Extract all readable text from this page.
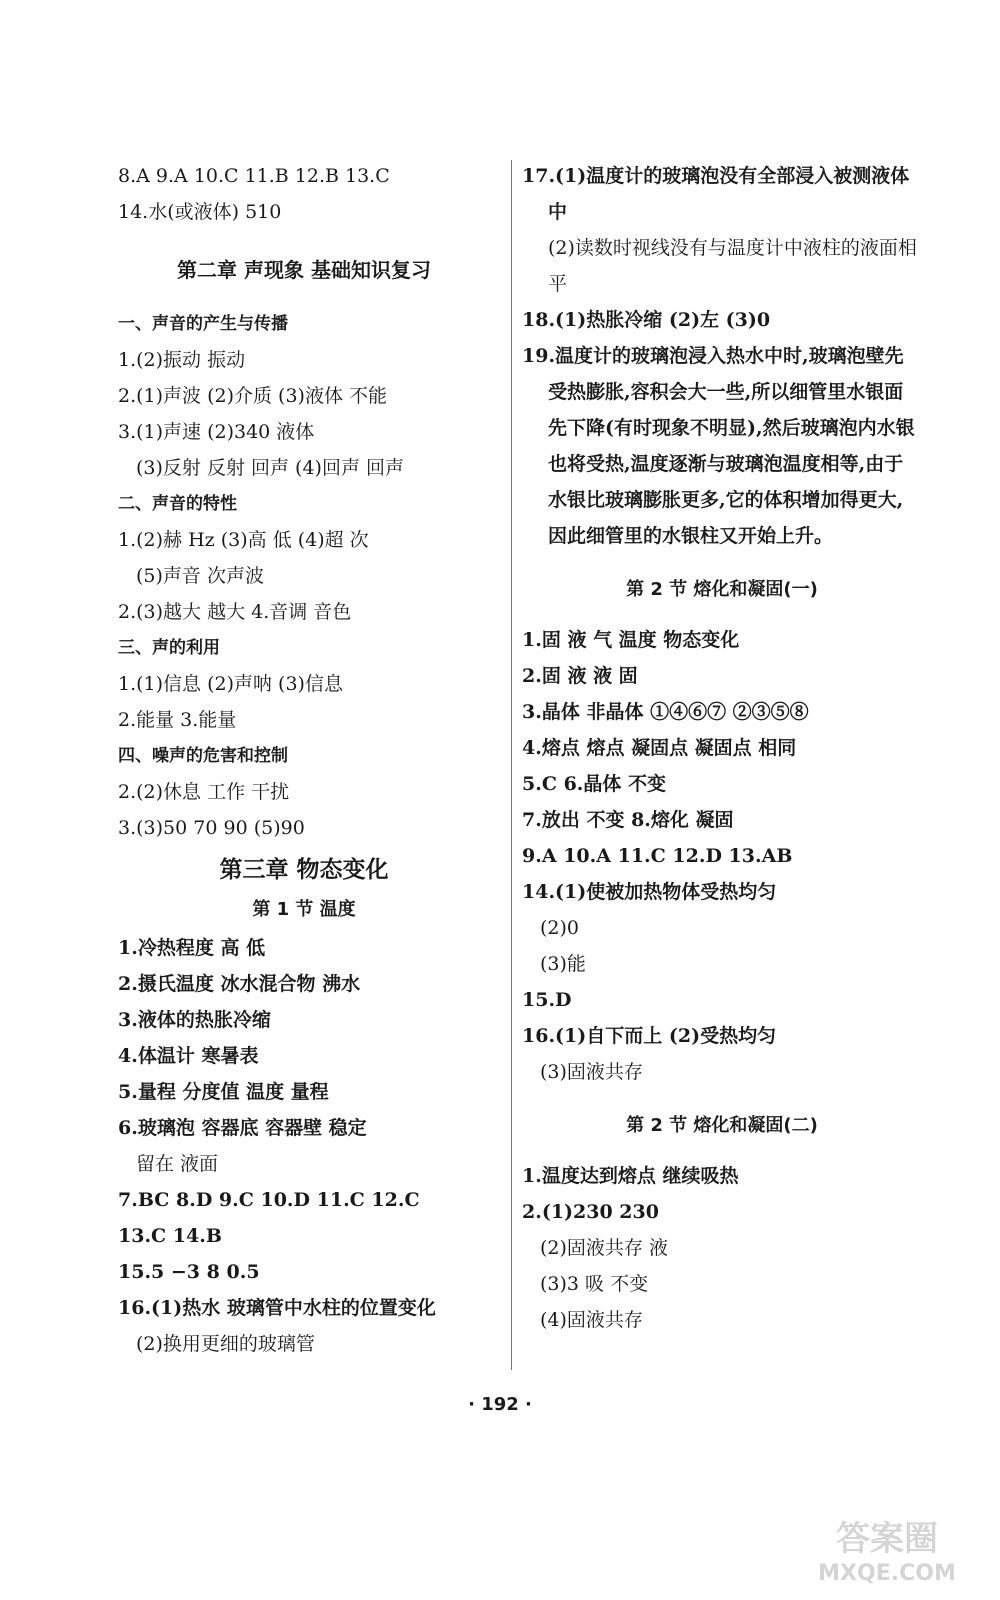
8.A 9.A 10.C 11.B 12.B 13.C
14.水(或液体) 510
第二章 声现象 基础知识复习
一、声音的产生与传播
1.(2)振动 振动
2.(1)声波 (2)介质 (3)液体 不能
3.(1)声速 (2)340 液体
(3)反射 反射 回声 (4)回声 回声
二、声音的特性
1.(2)赫 Hz (3)高 低 (4)超 次
(5)声音 次声波
2.(3)越大 越大 4.音调 音色
三、声的利用
1.(1)信息 (2)声呐 (3)信息
2.能量 3.能量
四、噪声的危害和控制
2.(2)休息 工作 干扰
3.(3)50 70 90 (5)90
第三章 物态变化
第 1 节 温度
1.冷热程度 高 低
2.摄氏温度 冰水混合物 沸水
3.液体的热胀冷缩
4.体温计 寒暑表
5.量程 分度值 温度 量程
6.玻璃泡 容器底 容器壁 稳定
留在 液面
7.BC 8.D 9.C 10.D 11.C 12.C
13.C 14.B
15.5 −3 8 0.5
16.(1)热水 玻璃管中水柱的位置变化
(2)换用更细的玻璃管
17.(1)温度计的玻璃泡没有全部浸入被测液体中
(2)读数时视线没有与温度计中液柱的液面相平
18.(1)热胀冷缩 (2)左 (3)0
19.温度计的玻璃泡浸入热水中时,玻璃泡壁先受热膨胀,容积会大一些,所以细管里水银面先下降(有时现象不明显),然后玻璃泡内水银也将受热,温度逐渐与玻璃泡温度相等,由于水银比玻璃膨胀更多,它的体积增加得更大,因此细管里的水银柱又开始上升。
第 2 节 熔化和凝固(一)
1.固 液 气 温度 物态变化
2.固 液 液 固
3.晶体 非晶体 ①④⑥⑦ ②③⑤⑧
4.熔点 熔点 凝固点 凝固点 相同
5.C 6.晶体 不变
7.放出 不变 8.熔化 凝固
9.A 10.A 11.C 12.D 13.AB
14.(1)使被加热物体受热均匀
(2)0
(3)能
15.D
16.(1)自下而上 (2)受热均匀
(3)固液共存
第 2 节 熔化和凝固(二)
1.温度达到熔点 继续吸热
2.(1)230 230
(2)固液共存 液
(3)3 吸 不变
(4)固液共存
· 192 ·
答案圈
MXQE.COM
